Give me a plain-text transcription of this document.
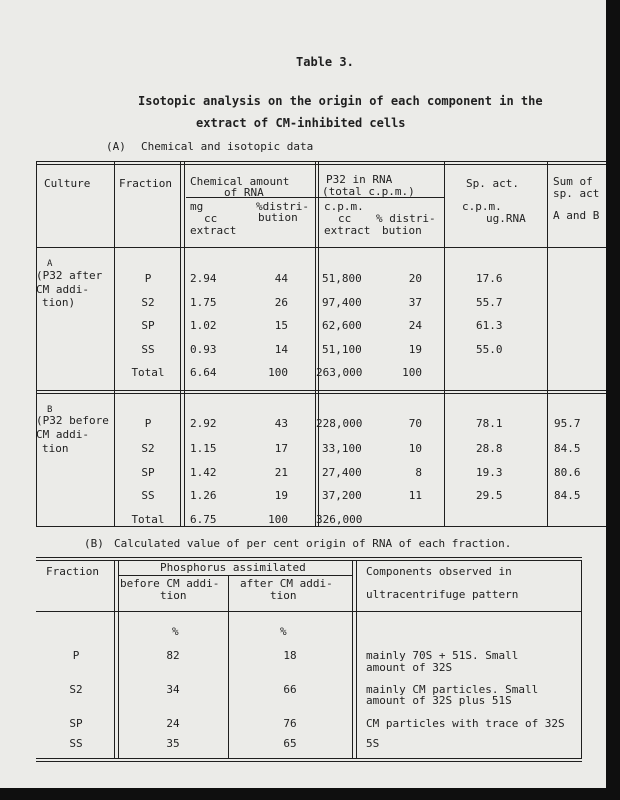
Table 3.
Isotopic analysis on the origin of each component in the
extract of CM-inhibited cells
(A) Chemical and isotopic data
Culture	Fraction Chemical amount
of RNA
mg
cc
extract
%distri-
bution
P32 in RNA
(total c.p.m.)
c.p.m.
cc
extract
% distri-
bution
Sp. act.
c.p.m.
ug.RNA
Sum of
sp. act
A and B
A
(P32 after
CM addi-
tion)
P	2.94	44	51,800	20	17.6
S2	1.75	26	97,400	37	55.7
SP	1.02	15	62,600	24	61.3
SS	0.93	14	51,100	19	55.0
Total	6.64	100	263,000	100
B
(P32 before
CM addi-
tion
P	2.92	43	228,000	70	78.1	95.7
S2	1.15	17	33,100	10	28.8	84.5
SP	1.42	21	27,400	8	19.3	80.6
SS	1.26	19	37,200	11	29.5	84.5
Total	6.75	100	326,000
(B) Calculated value of per cent origin of RNA of each fraction.
Fraction	Phosphorus assimilated
before CM addi-
tion
after CM addi-
tion
Components observed in
ultracentrifuge pattern
%	%
P	82	18	mainly 70S + 51S. Small
amount of 32S
S2	34	66	mainly CM particles. Small
amount of 32S plus 51S
SP	24	76	CM particles with trace of 32S
SS	35	65	5S
